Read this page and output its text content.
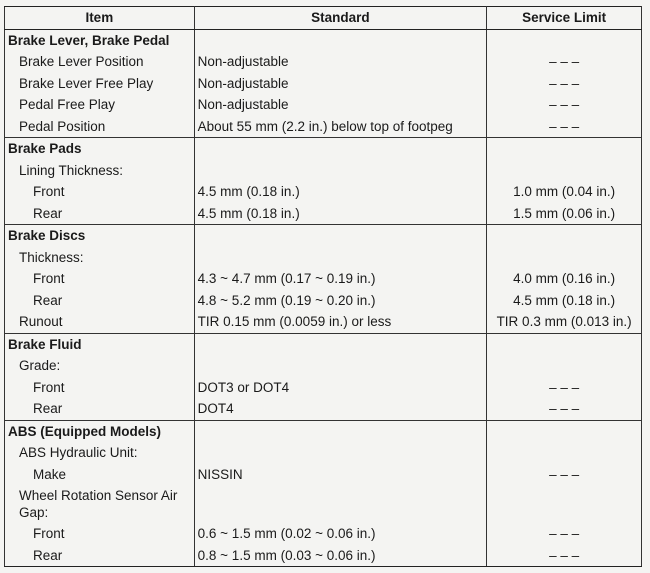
Item	Standard	Service Limit
Brake Lever, Brake Pedal		
Brake Lever Position	Non-adjustable	– – –
Brake Lever Free Play	Non-adjustable	– – –
Pedal Free Play	Non-adjustable	– – –
Pedal Position	About 55 mm (2.2 in.) below top of footpeg	– – –
Brake Pads		
Lining Thickness:		
Front	4.5 mm (0.18 in.)	1.0 mm (0.04 in.)
Rear	4.5 mm (0.18 in.)	1.5 mm (0.06 in.)
Brake Discs		
Thickness:		
Front	4.3 ~ 4.7 mm (0.17 ~ 0.19 in.)	4.0 mm (0.16 in.)
Rear	4.8 ~ 5.2 mm (0.19 ~ 0.20 in.)	4.5 mm (0.18 in.)
Runout	TIR 0.15 mm (0.0059 in.) or less	TIR 0.3 mm (0.013 in.)
Brake Fluid		
Grade:		
Front	DOT3 or DOT4	– – –
Rear	DOT4	– – –
ABS (Equipped Models)		
ABS Hydraulic Unit:		
Make	NISSIN	– – –
Wheel Rotation Sensor Air Gap:		
Front	0.6 ~ 1.5 mm (0.02 ~ 0.06 in.)	– – –
Rear	0.8 ~ 1.5 mm (0.03 ~ 0.06 in.)	– – –
